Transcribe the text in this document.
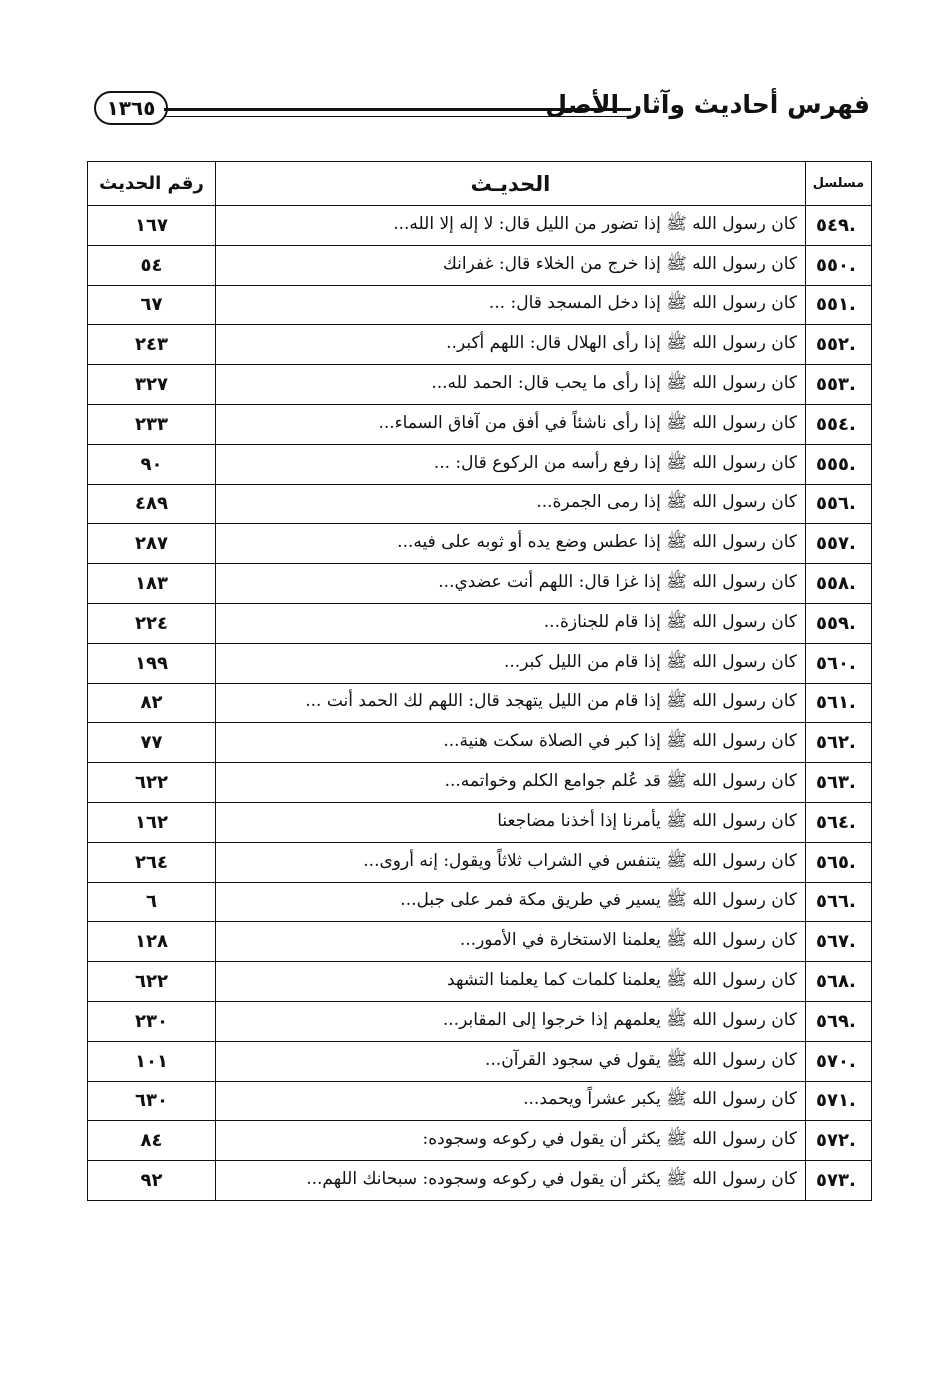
فهرس أحاديث وآثار الأصل
١٣٦٥
مسلسل	الحديـث	رقم الحديث
.٥٤٩	كان رسول الله ﷺ إذا تضور من الليل قال: لا إله إلا الله...	١٦٧
.٥٥٠	كان رسول الله ﷺ إذا خرج من الخلاء قال: غفرانك	٥٤
.٥٥١	كان رسول الله ﷺ إذا دخل المسجد قال: ...	٦٧
.٥٥٢	كان رسول الله ﷺ إذا رأى الهلال قال: اللهم أكبر..	٢٤٣
.٥٥٣	كان رسول الله ﷺ إذا رأى ما يحب قال: الحمد لله...	٣٢٧
.٥٥٤	كان رسول الله ﷺ إذا رأى ناشئاً في أفق من آفاق السماء...	٢٣٣
.٥٥٥	كان رسول الله ﷺ إذا رفع رأسه من الركوع قال: ...	٩٠
.٥٥٦	كان رسول الله ﷺ إذا رمى الجمرة...	٤٨٩
.٥٥٧	كان رسول الله ﷺ إذا عطس وضع يده أو ثوبه على فيه...	٢٨٧
.٥٥٨	كان رسول الله ﷺ إذا غزا قال: اللهم أنت عضدي...	١٨٣
.٥٥٩	كان رسول الله ﷺ إذا قام للجنازة...	٢٢٤
.٥٦٠	كان رسول الله ﷺ إذا قام من الليل كبر...	١٩٩
.٥٦١	كان رسول الله ﷺ إذا قام من الليل يتهجد قال: اللهم لك الحمد أنت ...	٨٢
.٥٦٢	كان رسول الله ﷺ إذا كبر في الصلاة سكت هنية...	٧٧
.٥٦٣	كان رسول الله ﷺ قد عُلم جوامع الكلم وخواتمه...	٦٢٢
.٥٦٤	كان رسول الله ﷺ يأمرنا إذا أخذنا مضاجعنا	١٦٢
.٥٦٥	كان رسول الله ﷺ يتنفس في الشراب ثلاثاً ويقول: إنه أروى...	٢٦٤
.٥٦٦	كان رسول الله ﷺ يسير في طريق مكة فمر على جبل...	٦
.٥٦٧	كان رسول الله ﷺ يعلمنا الاستخارة في الأمور...	١٢٨
.٥٦٨	كان رسول الله ﷺ يعلمنا كلمات كما يعلمنا التشهد	٦٢٢
.٥٦٩	كان رسول الله ﷺ يعلمهم إذا خرجوا إلى المقابر...	٢٣٠
.٥٧٠	كان رسول الله ﷺ يقول في سجود القرآن...	١٠١
.٥٧١	كان رسول الله ﷺ يكبر عشراً ويحمد...	٦٣٠
.٥٧٢	كان رسول الله ﷺ يكثر أن يقول في ركوعه وسجوده:	٨٤
.٥٧٣	كان رسول الله ﷺ يكثر أن يقول في ركوعه وسجوده: سبحانك اللهم...	٩٢
